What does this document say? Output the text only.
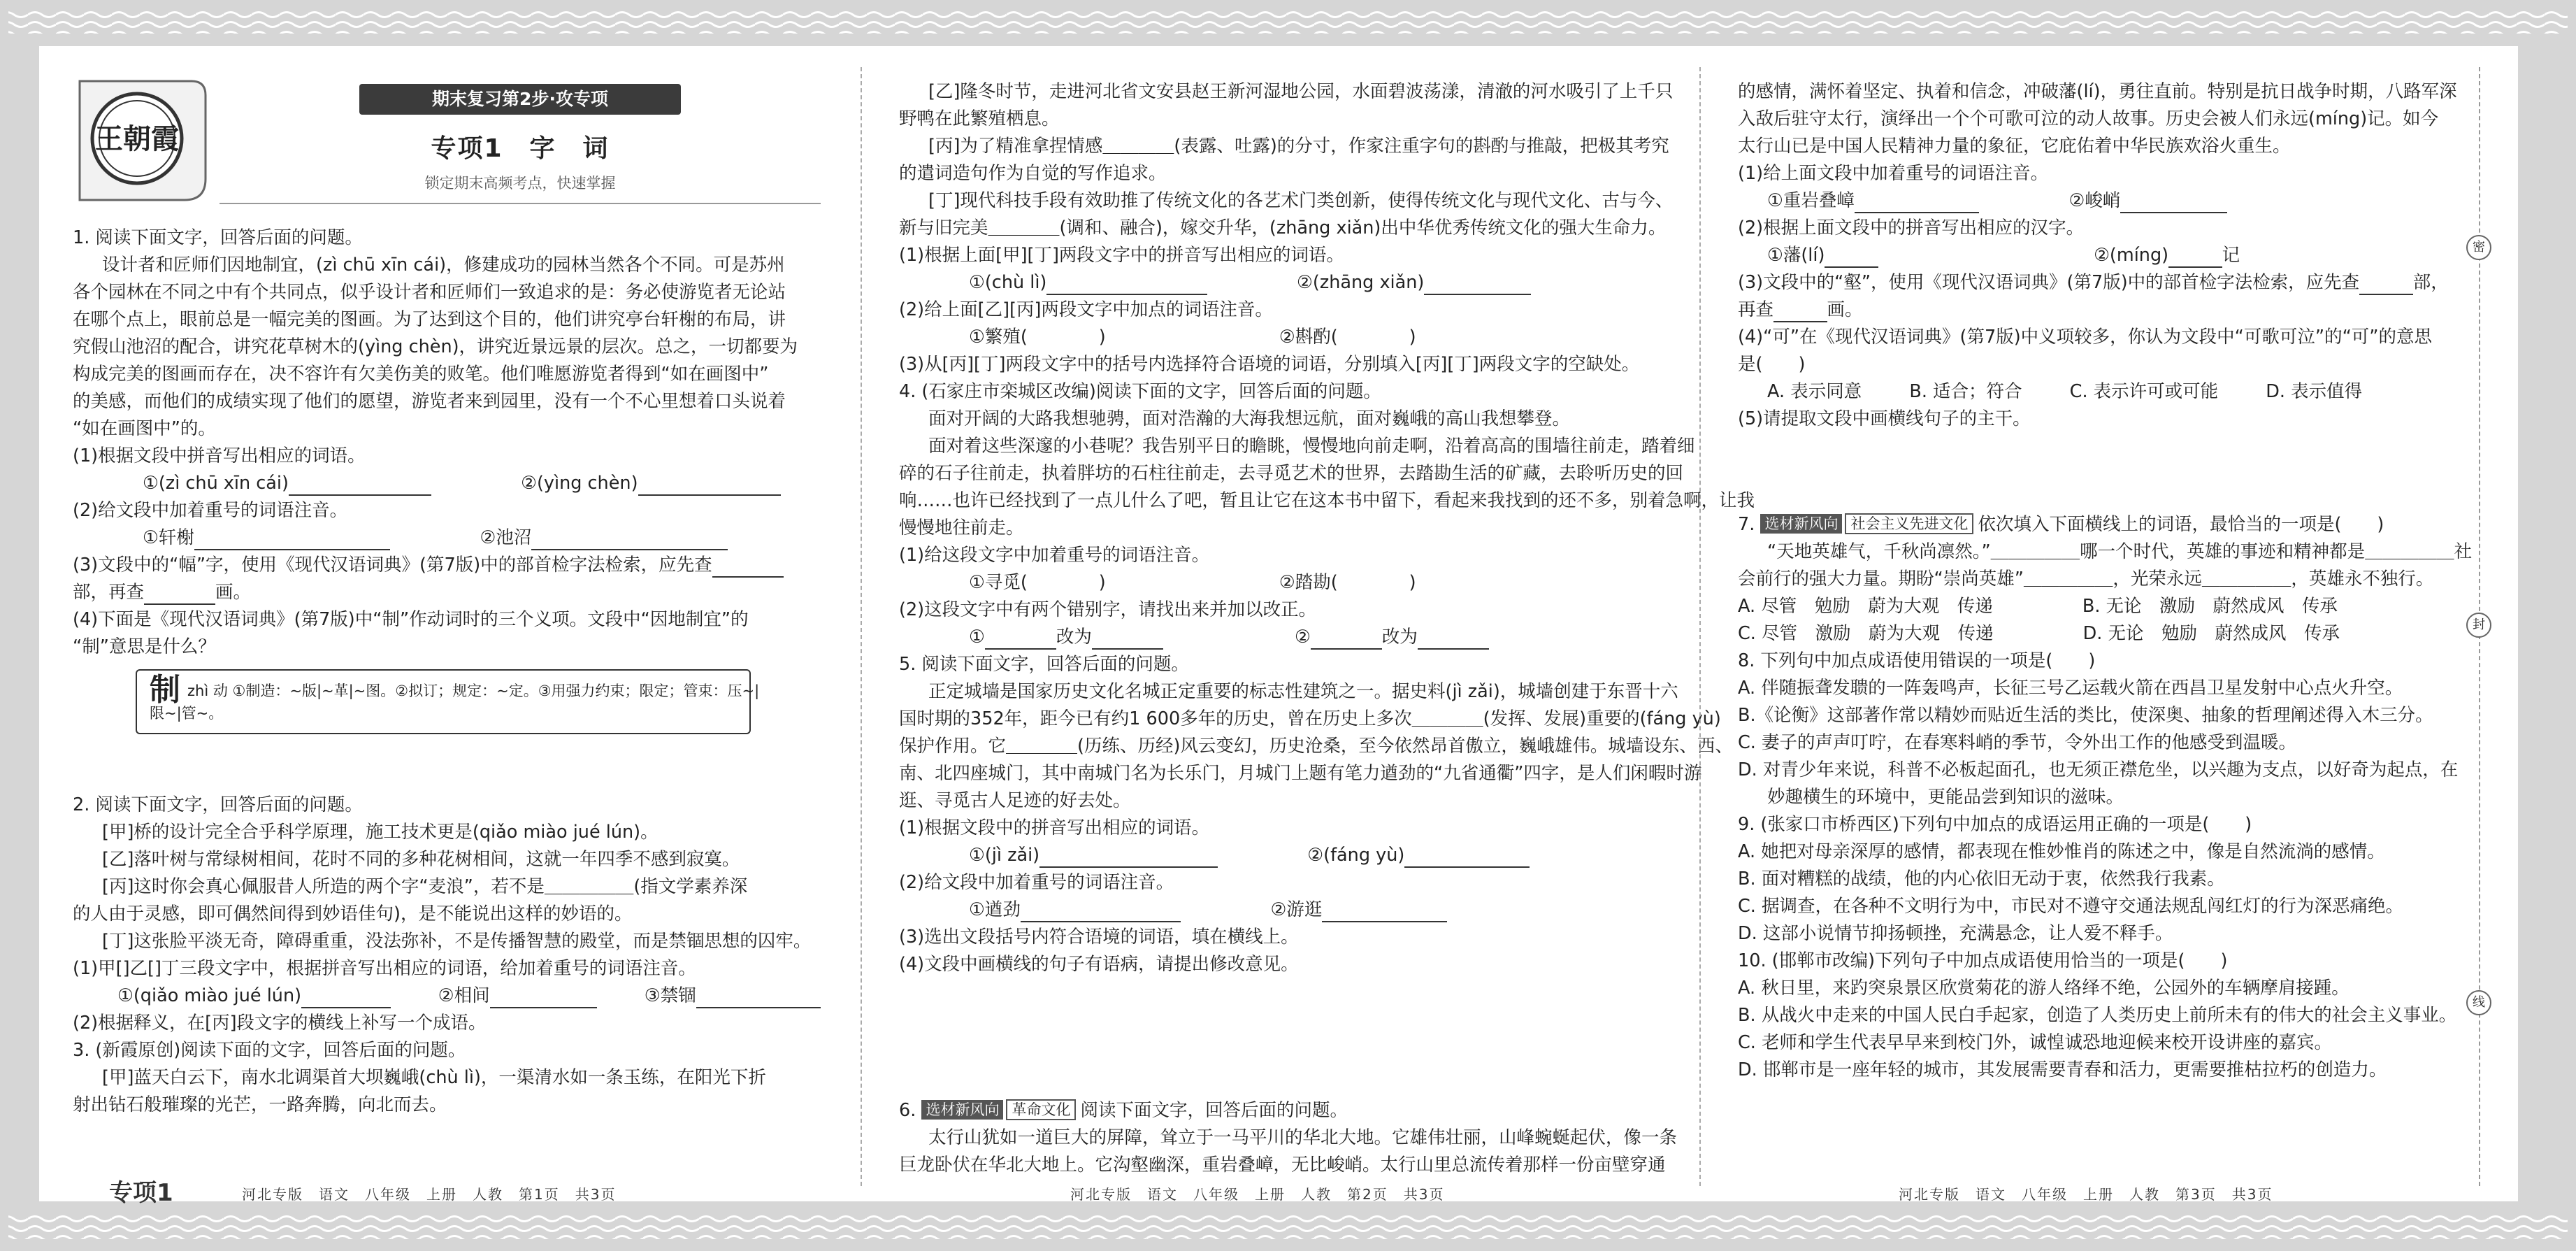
王朝霞
期末复习第2步·攻专项
专项1　字　词
锁定期末高频考点，快速掌握

1. 阅读下面文字，回答后面的问题。

设计者和匠师们因地制宜，(zì chū xīn cái)，修建成功的园林当然各个不同。可是苏州

各个园林在不同之中有个共同点，似乎设计者和匠师们一致追求的是：务必使游览者无论站

在哪个点上，眼前总是一幅完美的图画。为了达到这个目的，他们讲究亭台轩榭的布局，讲

究假山池沼的配合，讲究花草树木的(yìng chèn)，讲究近景远景的层次。总之，一切都要为

构成完美的图画而存在，决不容许有欠美伤美的败笔。他们唯愿游览者得到“如在画图中”

的美感，而他们的成绩实现了他们的愿望，游览者来到园里，没有一个不心里想着口头说着

“如在画图中”的。

(1)根据文段中拼音写出相应的词语。

①(zì chū xīn cái)　　　　　　　　	②(yìng chèn)　　　　　　　　

(2)给文段中加着重号的词语注音。

①轩榭　　　　　　　　　　　	②池沼　　　　　　　　　　　

(3)文段中的“幅”字，使用《现代汉语词典》(第7版)中的部首检字法检索，应先查　　　　

部，再查　　　　	画。

(4)下面是《现代汉语词典》(第7版)中“制”作动词时的三个义项。文段中“因地制宜”的

“制”意思是什么？

制zhì 动 ①制造：~版|~革|~图。②拟订；规定：~定。③用强力约束；限定；管束：压~|
限~|管~。

2. 阅读下面文字，回答后面的问题。

[甲]桥的设计完全合乎科学原理，施工技术更是(qiǎo miào jué lún)。

[乙]落叶树与常绿树相间，花时不同的多种花树相间，这就一年四季不感到寂寞。

[丙]这时你会真心佩服昔人所造的两个字“麦浪”，若不是＿＿＿＿＿(指文学素养深

的人由于灵感，即可偶然间得到妙语佳句)，是不能说出这样的妙语的。

[丁]这张脸平淡无奇，障碍重重，没法弥补，不是传播智慧的殿堂，而是禁锢思想的囚牢。

(1)甲[]乙[]丁三段文字中，根据拼音写出相应的词语，给加着重号的词语注音。

①(qiǎo miào jué lún)　　　　　	②相间　　　　　　	③禁锢　　　　　　　

(2)根据释义，在[丙]段文字的横线上补写一个成语。

3. (新霞原创)阅读下面的文字，回答后面的问题。

[甲]蓝天白云下，南水北调渠首大坝巍峨(chù lì)，一渠清水如一条玉练，在阳光下折

射出钻石般璀璨的光芒，一路奔腾，向北而去。

专项1	河北专版　语文　八年级　上册　人教　第1页　共3页

[乙]隆冬时节，走进河北省文安县赵王新河湿地公园，水面碧波荡漾，清澈的河水吸引了上千只

野鸭在此繁殖栖息。

[丙]为了精准拿捏情感＿＿＿＿(表露、吐露)的分寸，作家注重字句的斟酌与推敲，把极其考究

的遣词造句作为自觉的写作追求。

[丁]现代科技手段有效助推了传统文化的各艺术门类创新，使得传统文化与现代文化、古与今、

新与旧完美＿＿＿＿(调和、融合)，嫁交升华，(zhāng xiǎn)出中华优秀传统文化的强大生命力。

(1)根据上面[甲][丁]两段文字中的拼音写出相应的词语。

①(chù lì)　　　　　　　　　	②(zhāng xiǎn)　　　　　　

(2)给上面[乙][丙]两段文字中加点的词语注音。

①繁殖(　　　　)	②斟酌(　　　　)

(3)从[丙][丁]两段文字中的括号内选择符合语境的词语，分别填入[丙][丁]两段文字的空缺处。

4. (石家庄市栾城区改编)阅读下面的文字，回答后面的问题。

面对开阔的大路我想驰骋，面对浩瀚的大海我想远航，面对巍峨的高山我想攀登。

面对着这些深邃的小巷呢？我告别平日的瞻眺，慢慢地向前走啊，沿着高高的围墙往前走，踏着细

碎的石子往前走，执着胖坊的石柱往前走，去寻觅艺术的世界，去踏勘生活的矿藏，去聆听历史的回

响……也许已经找到了一点儿什么了吧，暂且让它在这本书中留下，看起来我找到的还不多，别着急啊，让我

慢慢地往前走。

(1)给这段文字中加着重号的词语注音。

①寻觅(　　　　)	②踏勘(　　　　)

(2)这段文字中有两个错别字，请找出来并加以改正。

①　　　　	改为　　　　	②　　　　	改为　　　　

5. 阅读下面文字，回答后面的问题。

正定城墙是国家历史文化名城正定重要的标志性建筑之一。据史料(jì zǎi)，城墙创建于东晋十六

国时期的352年，距今已有约1 600多年的历史，曾在历史上多次＿＿＿＿(发挥、发展)重要的(fáng yù)

保护作用。它＿＿＿＿(历练、历经)风云变幻，历史沧桑，至今依然昂首傲立，巍峨雄伟。城墙设东、西、

南、北四座城门，其中南城门名为长乐门，月城门上题有笔力遒劲的“九省通衢”四字，是人们闲暇时游

逛、寻觅古人足迹的好去处。

(1)根据文段中的拼音写出相应的词语。

①(jì zǎi)　　　　　　　　　　	②(fáng yù)　　　　　　　

(2)给文段中加着重号的词语注音。

①遒劲　　　　　　　　　	②游逛　　　　　　　

(3)选出文段括号内符合语境的词语，填在横线上。

(4)文段中画横线的句子有语病，请提出修改意见。

6. 选材新风向 革命文化 阅读下面文字，回答后面的问题。

太行山犹如一道巨大的屏障，耸立于一马平川的华北大地。它雄伟壮丽，山峰蜿蜒起伏，像一条

巨龙卧伏在华北大地上。它沟壑幽深，重岩叠嶂，无比峻峭。太行山里总流传着那样一份亩壁穿通

河北专版　语文　八年级　上册　人教　第2页　共3页

的感情，满怀着坚定、执着和信念，冲破藩(lí)，勇往直前。特别是抗日战争时期，八路军深

入敌后驻守太行，演绎出一个个可歌可泣的动人故事。历史会被人们永远(míng)记。如今

太行山已是中国人民精神力量的象征，它庇佑着中华民族欢浴火重生。

(1)给上面文段中加着重号的词语注音。

①重岩叠嶂　　　　　　　	②峻峭　　　　　　

(2)根据上面文段中的拼音写出相应的汉字。

①藩(lí)　　　	②(míng)　　　	记

(3)文段中的“壑”，使用《现代汉语词典》(第7版)中的部首检字法检索，应先查　　　	部，

再查　　　	画。

(4)“可”在《现代汉语词典》(第7版)中义项较多，你认为文段中“可歌可泣”的“可”的意思

是(　　)

A. 表示同意	B. 适合；符合	C. 表示许可或可能	D. 表示值得

(5)请提取文段中画横线句子的主干。

7. 选材新风向 社会主义先进文化 依次填入下面横线上的词语，最恰当的一项是(　　)

“天地英雄气，千秋尚凛然。”＿＿＿＿＿哪一个时代，英雄的事迹和精神都是＿＿＿＿＿社

会前行的强大力量。期盼“崇尚英雄”＿＿＿＿＿，光荣永远＿＿＿＿＿，英雄永不独行。

A. 尽管　勉励　蔚为大观　传递	B. 无论　激励　蔚然成风　传承

C. 尽管　激励　蔚为大观　传递	D. 无论　勉励　蔚然成风　传承

8. 下列句中加点成语使用错误的一项是(　　)

A. 伴随振聋发聩的一阵轰鸣声，长征三号乙运载火箭在西昌卫星发射中心点火升空。

B.《论衡》这部著作常以精妙而贴近生活的类比，使深奥、抽象的哲理阐述得入木三分。

C. 妻子的声声叮咛，在春寒料峭的季节，令外出工作的他感受到温暖。

D. 对青少年来说，科普不必板起面孔，也无须正襟危坐，以兴趣为支点，以好奇为起点，在

妙趣横生的环境中，更能品尝到知识的滋味。

9. (张家口市桥西区)下列句中加点的成语运用正确的一项是(　　)

A. 她把对母亲深厚的感情，都表现在惟妙惟肖的陈述之中，像是自然流淌的感情。

B. 面对糟糕的战绩，他的内心依旧无动于衷，依然我行我素。

C. 据调查，在各种不文明行为中，市民对不遵守交通法规乱闯红灯的行为深恶痛绝。

D. 这部小说情节抑扬顿挫，充满悬念，让人爱不释手。

10. (邯郸市改编)下列句子中加点成语使用恰当的一项是(　　)

A. 秋日里，来趵突泉景区欣赏菊花的游人络绎不绝，公园外的车辆摩肩接踵。

B. 从战火中走来的中国人民白手起家，创造了人类历史上前所未有的伟大的社会主义事业。

C. 老师和学生代表早早来到校门外，诚惶诚恐地迎候来校开设讲座的嘉宾。

D. 邯郸市是一座年轻的城市，其发展需要青春和活力，更需要推枯拉朽的创造力。

河北专版　语文　八年级　上册　人教　第3页　共3页
密
封
线
